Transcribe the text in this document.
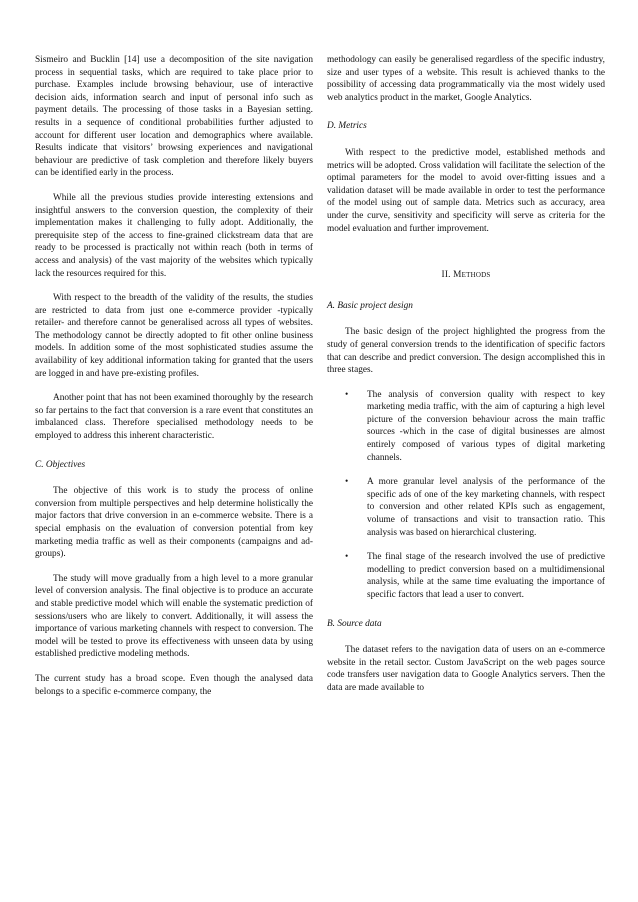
Sismeiro and Bucklin [14] use a decomposition of the site navigation process in sequential tasks, which are required to take place prior to purchase. Examples include browsing behaviour, use of interactive decision aids, information search and input of personal info such as payment details. The processing of those tasks in a Bayesian setting. results in a sequence of conditional probabilities further adjusted to account for different user location and demographics where available. Results indicate that visitors’ browsing experiences and navigational behaviour are predictive of task completion and therefore likely buyers can be identified early in the process.

While all the previous studies provide interesting extensions and insightful answers to the conversion question, the complexity of their implementation makes it challenging to fully adopt. Additionally, the prerequisite step of the access to fine-grained clickstream data that are ready to be processed is practically not within reach (both in terms of access and analysis) of the vast majority of the websites which typically lack the resources required for this.

With respect to the breadth of the validity of the results, the studies are restricted to data from just one e-commerce provider -typically retailer- and therefore cannot be generalised across all types of websites. The methodology cannot be directly adopted to fit other online business models. In addition some of the most sophisticated studies assume the availability of key additional information taking for granted that the users are logged in and have pre-existing profiles.

Another point that has not been examined thoroughly by the research so far pertains to the fact that conversion is a rare event that constitutes an imbalanced class. Therefore specialised methodology needs to be employed to address this inherent characteristic.

C. Objectives

The objective of this work is to study the process of online conversion from multiple perspectives and help determine holistically the major factors that drive conversion in an e-commerce website. There is a special emphasis on the evaluation of conversion potential from key marketing media traffic as well as their components (campaigns and ad-groups).

The study will move gradually from a high level to a more granular level of conversion analysis. The final objective is to produce an accurate and stable predictive model which will enable the systematic prediction of sessions/users who are likely to convert. Additionally, it will assess the importance of various marketing channels with respect to conversion. The model will be tested to prove its effectiveness with unseen data by using established predictive modeling methods.

The current study has a broad scope. Even though the analysed data belongs to a specific e-commerce company, the

methodology can easily be generalised regardless of the specific industry, size and user types of a website. This result is achieved thanks to the possibility of accessing data programmatically via the most widely used web analytics product in the market, Google Analytics.

D. Metrics

With respect to the predictive model, established methods and metrics will be adopted. Cross validation will facilitate the selection of the optimal parameters for the model to avoid over-fitting issues and a validation dataset will be made available in order to test the performance of the model using out of sample data. Metrics such as accuracy, area under the curve, sensitivity and specificity will serve as criteria for the model evaluation and further improvement.

II. Methods

A. Basic project design

The basic design of the project highlighted the progress from the study of general conversion trends to the identification of specific factors that can describe and predict conversion. The design accomplished this in three stages.

• The analysis of conversion quality with respect to key marketing media traffic, with the aim of capturing a high level picture of the conversion behaviour across the main traffic sources -which in the case of digital businesses are almost entirely composed of various types of digital marketing channels.
• A more granular level analysis of the performance of the specific ads of one of the key marketing channels, with respect to conversion and other related KPIs such as engagement, volume of transactions and visit to transaction ratio. This analysis was based on hierarchical clustering.
• The final stage of the research involved the use of predictive modelling to predict conversion based on a multidimensional analysis, while at the same time evaluating the importance of specific factors that lead a user to convert.

B. Source data

The dataset refers to the navigation data of users on an e-commerce website in the retail sector. Custom JavaScript on the web pages source code transfers user navigation data to Google Analytics servers. Then the data are made available to
